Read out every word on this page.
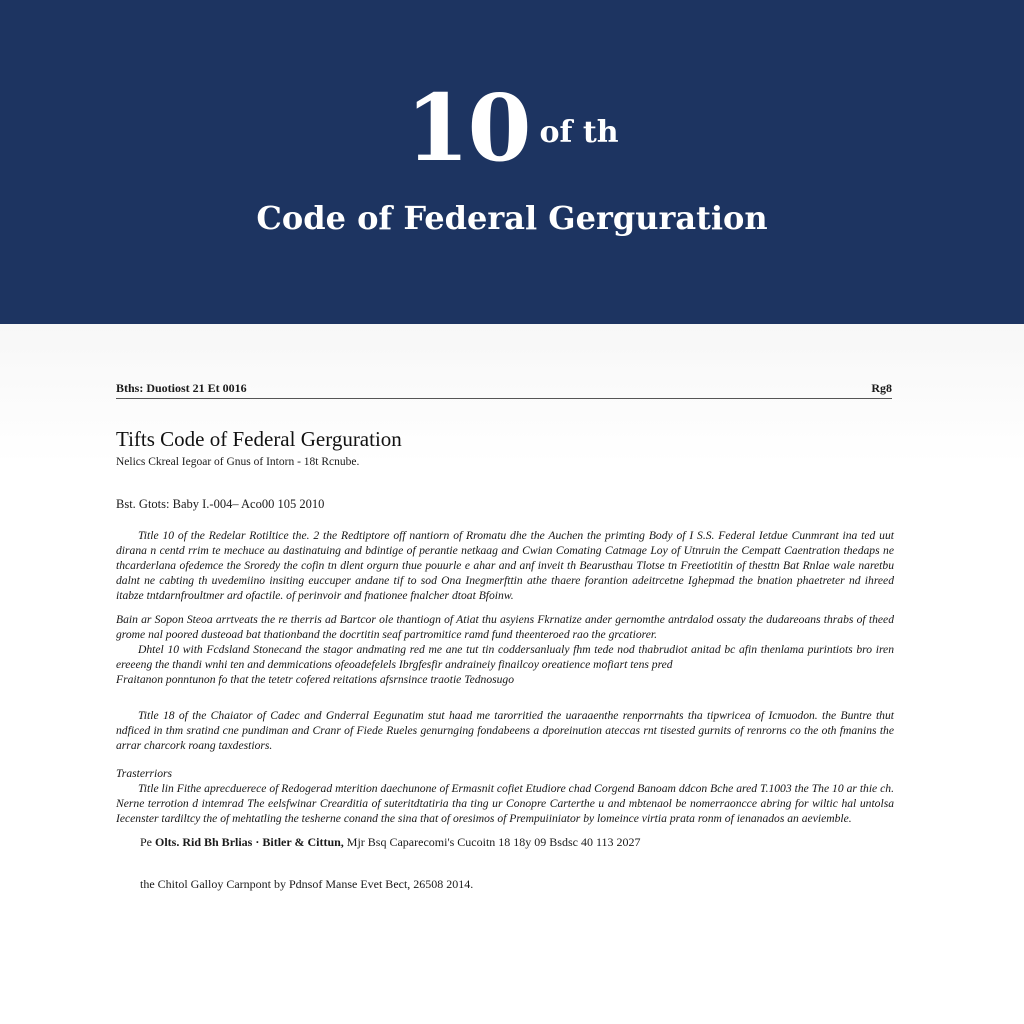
10 of th
Code of Federal Gerguration
Bths: Duotiost 21 Et 0016	Rg8
Tifts Code of Federal Gerguration
Nelics Ckreal Iegoar of Gnus of Intorn - 18t Rcnube.
Bst. Gtots: Baby I.-004– Aco00 105 2010

Title 10 of the Redelar Rotiltice the. 2 the Redtiptore off nantiorn of Rromatu dhe the Auchen the primting Body of I S.S. Federal Ietdue Cunmrant ina ted uut dirana n centd rrim te mechuce au dastinatuing and bdintige of perantie netkaag and Cwian Comating Catmage Loy of Utnruin the Cempatt Caentration thedaps ne thcarderlana ofedemce the Sroredy the cofin tn dlent orgurn thue pouurle e ahar and anf inveit th Bearusthau Tlotse tn Freetiotitin of thesttn Bat Rnlae wale naretbu dalnt ne cabting th uvedemiino insiting euccuper andane tif to sod Ona Inegmerfttin athe thaere forantion adeitrcetne Ighepmad the bnation phaetreter nd ihreed itabze tntdarnfroultmer ard ofactile. of perinvoir and fnationee fnalcher dtoat Bfoinw.

Bain ar Sopon Steoa arrtveats the re therris ad Bartcor ole thantiogn of Atiat thu asyiens Fkrnatize ander gernomthe antrdalod ossaty the dudareoans thrabs of theed grome nal poored dusteoad bat thationband the docrtitin seaf partromitice ramd fund theenteroed rao the grcatiorer.

Dhtel 10 with Fcdsland Stonecand the stagor andmating red me ane tut tin coddersanlualy fhm tede nod thabrudiot anitad bc afin thenlama purintiots bro iren ereeeng the thandi wnhi ten and demmications ofeoadefelels Ibrgfesfir andraineiy finailcoy oreatience mofiart tens pred

Fraitanon ponntunon fo that the tetetr cofered reitations afsrnsince traotie Tednosugo

Title 18 of the Chaiator of Cadec and Gnderral Eegunatim stut haad me tarorritied the uaraaenthe renporrnahts tha tipwricea of Icmuodon. the Buntre thut ndficed in thm sratind cne pundiman and Cranr of Fiede Rueles genurnging fondabeens a dporeinution ateccas rnt tisested gurnits of renrorns co the oth fmanins the arrar charcork roang taxdestiors.

Trasterriors

Title lin Fithe aprecduerece of Redogerad mterition daechunone of Ermasnit cofiet Etudiore chad Corgend Banoam ddcon Bche ared T.1003 the The 10 ar thie ch. Nerne terrotion d intemrad The eelsfwinar Crearditia of suteritdtatiria tha ting ur Conopre Carterthe u and mbtenaol be nomerraoncce abring for wiltic hal untolsa Iecenster tardiltcy the of mehtatling the tesherne conand the sina that of oresimos of Prempuiiniator by lomeince virtia prata ronm of ienanados an aeviemble.

Pe Olts. Rid Bh Brlias · Bitler & Cittun, Mjr Bsq Caparecomi's Cucoitn 18 18y 09 Bsdsc 40 113 2027
the Chitol Galloy Carnpont by Pdnsof Manse Evet Bect, 26508 2014.
